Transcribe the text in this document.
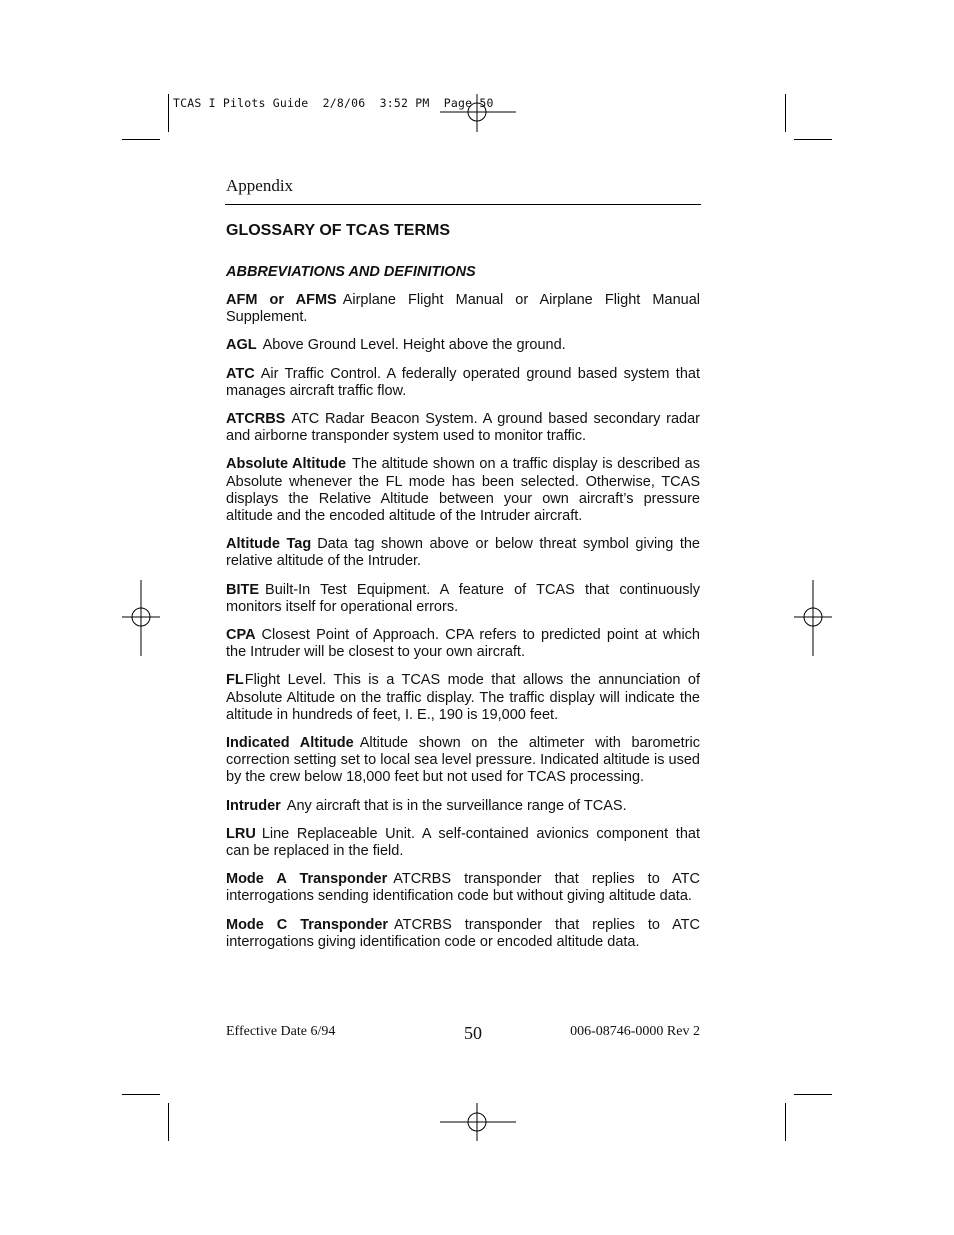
TCAS I Pilots Guide  2/8/06  3:52 PM  Page 50
Appendix
GLOSSARY OF TCAS TERMS
ABBREVIATIONS AND DEFINITIONS

AFM or AFMS Airplane Flight Manual or Airplane Flight Manual Supplement.

AGL Above Ground Level. Height above the ground.

ATC Air Traffic Control. A federally operated ground based system that manages aircraft traffic flow.

ATCRBS ATC Radar Beacon System. A ground based secondary radar and airborne transponder system used to monitor traffic.

Absolute Altitude The altitude shown on a traffic display is described as Absolute whenever the FL mode has been selected. Otherwise, TCAS displays the Relative Altitude between your own aircraft’s pressure altitude and the encoded altitude of the Intruder aircraft.

Altitude Tag Data tag shown above or below threat symbol giving the relative altitude of the Intruder.

BITE Built-In Test Equipment. A feature of TCAS that continuously monitors itself for operational errors.

CPA Closest Point of Approach. CPA refers to predicted point at which the Intruder will be closest to your own aircraft.

FLFlight Level. This is a TCAS mode that allows the annunciation of Absolute Altitude on the traffic display. The traffic display will indicate the altitude in hundreds of feet, I. E., 190 is 19,000 feet.

Indicated Altitude Altitude shown on the altimeter with barometric correction setting set to local sea level pressure. Indicated altitude is used by the crew below 18,000 feet but not used for TCAS processing.

Intruder Any aircraft that is in the surveillance range of TCAS.

LRU Line Replaceable Unit. A self-contained avionics component that can be replaced in the field.

Mode A Transponder ATCRBS transponder that replies to ATC interrogations sending identification code but without giving altitude data.

Mode C Transponder ATCRBS transponder that replies to ATC interrogations giving identification code or encoded altitude data.

Effective Date 6/94	50	006-08746-0000 Rev 2
